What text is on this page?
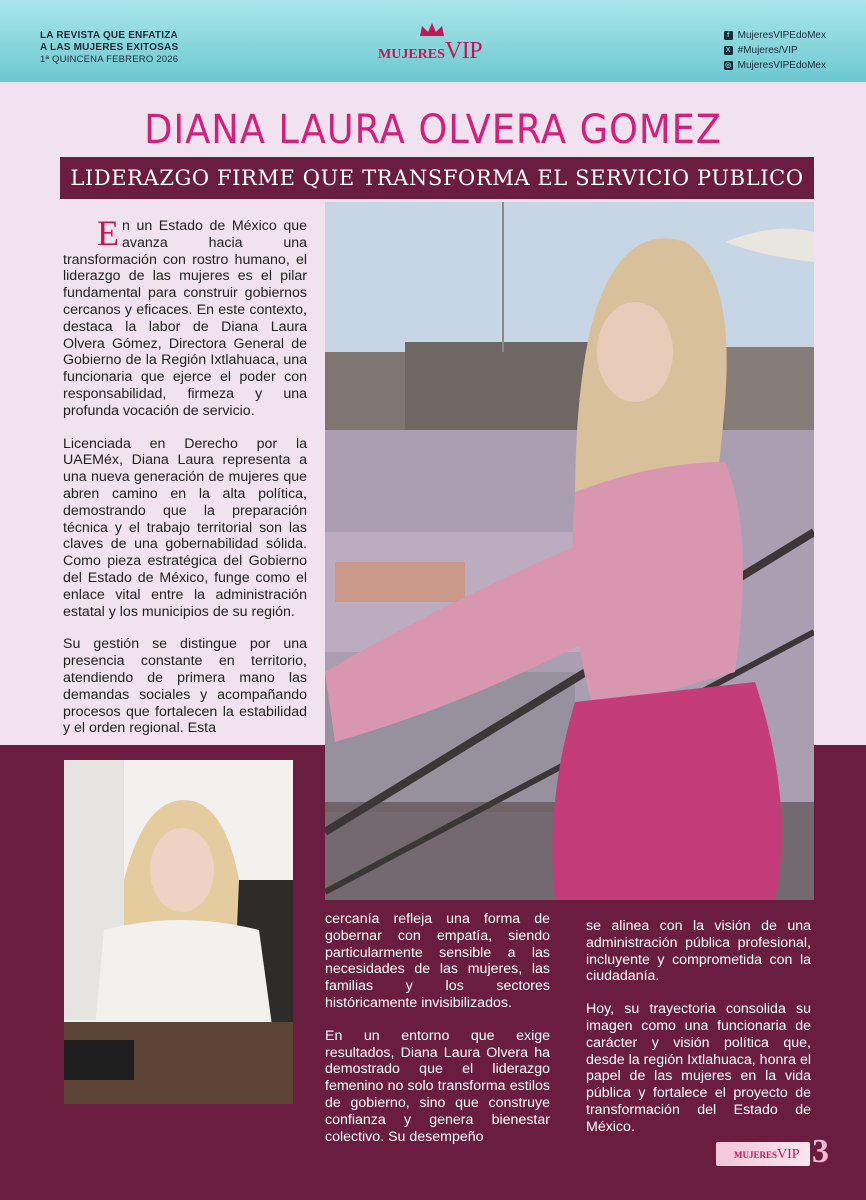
LA REVISTA QUE ENFATIZA
A LAS MUJERES EXITOSAS
1ª QUINCENA FEBRERO 2026	MUJERESVIP
f MujeresVIPEdoMex
X #Mujeres/VIP
◎ MujeresVIPEdoMex
DIANA LAURA OLVERA GOMEZ
LIDERAZGO FIRME QUE TRANSFORMA EL SERVICIO PUBLICO

En un Estado de México que avanza hacia una transformación con rostro humano, el liderazgo de las mujeres es el pilar fundamental para construir gobiernos cercanos y eficaces. En este contexto, destaca la labor de Diana Laura Olvera Gómez, Directora General de Gobierno de la Región Ixtlahuaca, una funcionaria que ejerce el poder con responsabilidad, firmeza y una profunda vocación de servicio.

Licenciada en Derecho por la UAEMéx, Diana Laura representa a una nueva generación de mujeres que abren camino en la alta política, demostrando que la preparación técnica y el trabajo territorial son las claves de una gobernabilidad sólida. Como pieza estratégica del Gobierno del Estado de México, funge como el enlace vital entre la administración estatal y los municipios de su región.

Su gestión se distingue por una presencia constante en territorio, atendiendo de primera mano las demandas sociales y acompañando procesos que fortalecen la estabilidad y el orden regional. Esta

cercanía refleja una forma de gobernar con empatía, siendo particularmente sensible a las necesidades de las mujeres, las familias y los sectores históricamente invisibilizados.

En un entorno que exige resultados, Diana Laura Olvera ha demostrado que el liderazgo femenino no solo transforma estilos de gobierno, sino que construye confianza y genera bienestar colectivo. Su desempeño

se alinea con la visión de una administración pública profesional, incluyente y comprometida con la ciudadanía.

Hoy, su trayectoria consolida su imagen como una funcionaria de carácter y visión política que, desde la región Ixtlahuaca, honra el papel de las mujeres en la vida pública y fortalece el proyecto de transformación del Estado de México.

MUJERESVIP 3
